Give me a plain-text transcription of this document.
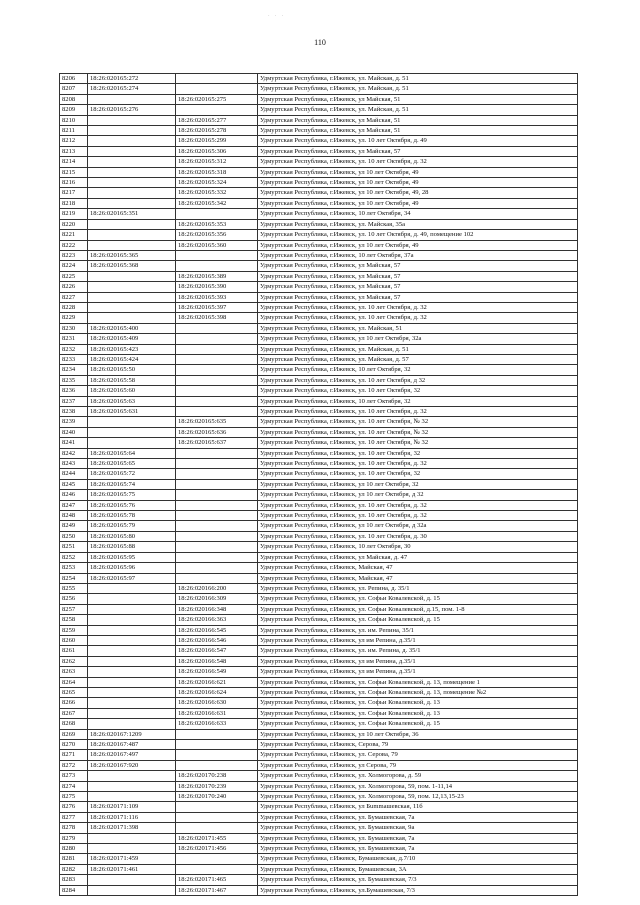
· · ·
110
8206	18:26:020165:272		Удмуртская Республика, г.Ижевск, ул. Майская, д. 51
8207	18:26:020165:274		Удмуртская Республика, г.Ижевск, ул. Майская, д. 51
8208		18:26:020165:275	Удмуртская Республика, г.Ижевск, ул Майская, 51
8209	18:26:020165:276		Удмуртская Республика, г.Ижевск, ул. Майская, д. 51
8210		18:26:020165:277	Удмуртская Республика, г.Ижевск, ул Майская, 51
8211		18:26:020165:278	Удмуртская Республика, г.Ижевск, ул Майская, 51
8212		18:26:020165:299	Удмуртская Республика, г.Ижевск, ул. 10 лет Октября, д. 49
8213		18:26:020165:306	Удмуртская Республика, г.Ижевск, ул Майская, 57
8214		18:26:020165:312	Удмуртская Республика, г.Ижевск, ул. 10 лет Октября, д. 32
8215		18:26:020165:318	Удмуртская Республика, г.Ижевск, ул 10 лет Октября, 49
8216		18:26:020165:324	Удмуртская Республика, г.Ижевск, ул 10 лет Октября, 49
8217		18:26:020165:332	Удмуртская Республика, г.Ижевск, ул 10 лет Октября, 49, 28
8218		18:26:020165:342	Удмуртская Республика, г.Ижевск, ул 10 лет Октября, 49
8219	18:26:020165:351		Удмуртская Республика, г.Ижевск, 10 лет Октября, 34
8220		18:26:020165:353	Удмуртская Республика, г.Ижевск, ул. Майская, 35а
8221		18:26:020165:356	Удмуртская Республика, г.Ижевск, ул. 10 лет Октября, д. 49, помещение 102
8222		18:26:020165:360	Удмуртская Республика, г.Ижевск, ул 10 лет Октября, 49
8223	18:26:020165:365		Удмуртская Республика, г.Ижевск, 10 лет Октября, 37а
8224	18:26:020165:368		Удмуртская Республика, г.Ижевск, ул Майская, 57
8225		18:26:020165:389	Удмуртская Республика, г.Ижевск, ул Майская, 57
8226		18:26:020165:390	Удмуртская Республика, г.Ижевск, ул Майская, 57
8227		18:26:020165:393	Удмуртская Республика, г.Ижевск, ул Майская, 57
8228		18:26:020165:397	Удмуртская Республика, г.Ижевск, ул. 10 лет Октября, д. 32
8229		18:26:020165:398	Удмуртская Республика, г.Ижевск, ул. 10 лет Октября, д. 32
8230	18:26:020165:400		Удмуртская Республика, г.Ижевск, ул. Майская, 51
8231	18:26:020165:409		Удмуртская Республика, г.Ижевск, ул 10 лет Октября, 32а
8232	18:26:020165:423		Удмуртская Республика, г.Ижевск, ул. Майская, д. 51
8233	18:26:020165:424		Удмуртская Республика, г.Ижевск, ул. Майская, д. 57
8234	18:26:020165:50		Удмуртская Республика, г.Ижевск, 10 лет Октября, 32
8235	18:26:020165:58		Удмуртская Республика, г.Ижевск, ул. 10 лет Октября, д 32
8236	18:26:020165:60		Удмуртская Республика, г.Ижевск, ул. 10 лет Октября, 32
8237	18:26:020165:63		Удмуртская Республика, г.Ижевск, 10 лет Октября, 32
8238	18:26:020165:631		Удмуртская Республика, г.Ижевск, ул. 10 лет Октября, д. 32
8239		18:26:020165:635	Удмуртская Республика, г.Ижевск, ул. 10 лет Октября, № 32
8240		18:26:020165:636	Удмуртская Республика, г.Ижевск, ул. 10 лет Октября, № 32
8241		18:26:020165:637	Удмуртская Республика, г.Ижевск, ул. 10 лет Октября, № 32
8242	18:26:020165:64		Удмуртская Республика, г.Ижевск, ул. 10 лет Октября, 32
8243	18:26:020165:65		Удмуртская Республика, г.Ижевск, ул. 10 лет Октября, д. 32
8244	18:26:020165:72		Удмуртская Республика, г.Ижевск, ул. 10 лет Октября, 32
8245	18:26:020165:74		Удмуртская Республика, г.Ижевск, ул 10 лет Октября, 32
8246	18:26:020165:75		Удмуртская Республика, г.Ижевск, ул 10 лет Октября, д 32
8247	18:26:020165:76		Удмуртская Республика, г.Ижевск, ул. 10 лет Октября, д. 32
8248	18:26:020165:78		Удмуртская Республика, г.Ижевск, ул. 10 лет Октября, д. 32
8249	18:26:020165:79		Удмуртская Республика, г.Ижевск, ул 10 лет Октября, д 32а
8250	18:26:020165:80		Удмуртская Республика, г.Ижевск, ул. 10 лет Октября, д. 30
8251	18:26:020165:88		Удмуртская Республика, г.Ижевск, 10 лет Октября, 30
8252	18:26:020165:95		Удмуртская Республика, г.Ижевск, ул Майская, д. 47
8253	18:26:020165:96		Удмуртская Республика, г.Ижевск, Майская, 47
8254	18:26:020165:97		Удмуртская Республика, г.Ижевск, Майская, 47
8255		18:26:020166:200	Удмуртская Республика, г.Ижевск, ул. Репина, д. 35/1
8256		18:26:020166:309	Удмуртская Республика, г.Ижевск, ул. Софьи Ковалевской, д. 15
8257		18:26:020166:348	Удмуртская Республика, г.Ижевск, ул. Софьи Ковалевской, д.15, пом. 1-8
8258		18:26:020166:363	Удмуртская Республика, г.Ижевск, ул. Софьи Ковалевской, д. 15
8259		18:26:020166:545	Удмуртская Республика, г.Ижевск, ул. им. Репина, 35/1
8260		18:26:020166:546	Удмуртская Республика, г.Ижевск, ул им Репина, д.35/1
8261		18:26:020166:547	Удмуртская Республика, г.Ижевск, ул. им. Репина, д. 35/1
8262		18:26:020166:548	Удмуртская Республика, г.Ижевск, ул им Репина, д.35/1
8263		18:26:020166:549	Удмуртская Республика, г.Ижевск, ул им Репина, д.35/1
8264		18:26:020166:621	Удмуртская Республика, г.Ижевск, ул. Софьи Ковалевской, д. 13, помещение 1
8265		18:26:020166:624	Удмуртская Республика, г.Ижевск, ул. Софьи Ковалевской, д. 13, помещение №2
8266		18:26:020166:630	Удмуртская Республика, г.Ижевск, ул. Софьи Ковалевской, д. 13
8267		18:26:020166:631	Удмуртская Республика, г.Ижевск, ул. Софьи Ковалевской, д. 13
8268		18:26:020166:633	Удмуртская Республика, г.Ижевск, ул. Софьи Ковалевской, д. 15
8269	18:26:020167:1209		Удмуртская Республика, г.Ижевск, ул 10 лет Октября, 36
8270	18:26:020167:487		Удмуртская Республика, г.Ижевск, Серова, 79
8271	18:26:020167:497		Удмуртская Республика, г.Ижевск, ул. Серова, 79
8272	18:26:020167:920		Удмуртская Республика, г.Ижевск, ул Серова, 79
8273		18:26:020170:238	Удмуртская Республика, г.Ижевск, ул. Холмогорова, д. 59
8274		18:26:020170:239	Удмуртская Республика, г.Ижевск, ул. Холмогорова, 59, пом. 1-11,14
8275		18:26:020170:240	Удмуртская Республика, г.Ижевск, ул. Холмогорова, 59, пом. 12,13,15-23
8276	18:26:020171:109		Удмуртская Республика, г.Ижевск, ул Бummaшевская, 11б
8277	18:26:020171:116		Удмуртская Республика, г.Ижевск, ул. Бумашевская, 7а
8278	18:26:020171:398		Удмуртская Республика, г.Ижевск, ул. Бумашевская, 9а
8279		18:26:020171:455	Удмуртская Республика, г.Ижевск, ул. Бумашевская, 7а
8280		18:26:020171:456	Удмуртская Республика, г.Ижевск, ул. Бумашевская, 7а
8281	18:26:020171:459		Удмуртская Республика, г.Ижевск, Бумашевская, д.7/10
8282	18:26:020171:461		Удмуртская Республика, г.Ижевск, Бумашевская, 3А
8283		18:26:020171:465	Удмуртская Республика, г.Ижевск, ул. Бумашевская, 7/3
8284		18:26:020171:467	Удмуртская Республика, г.Ижевск, ул.Бумашевская, 7/3
